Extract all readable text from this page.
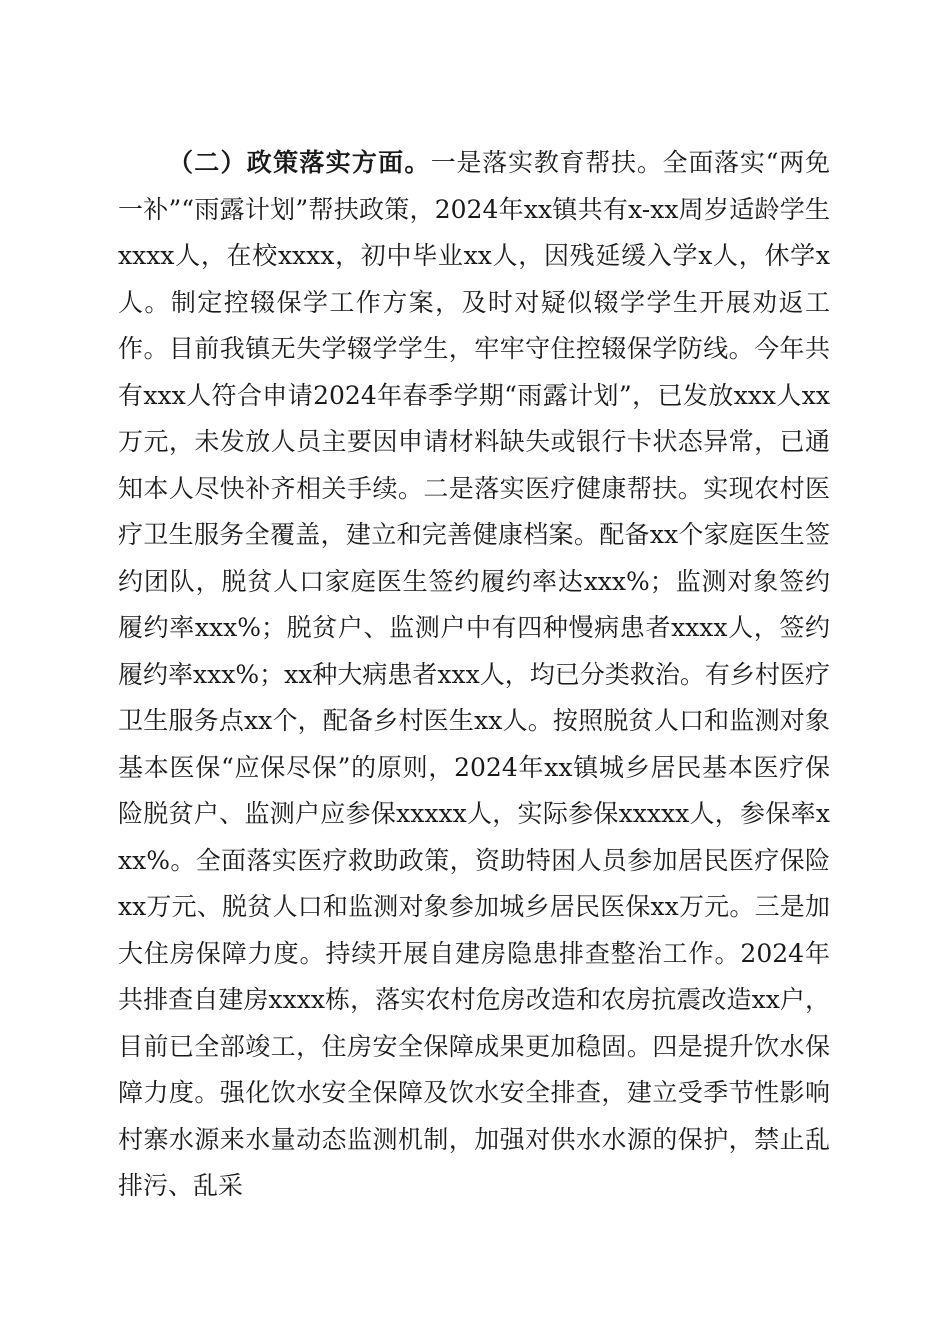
（二）政策落实方面。一是落实教育帮扶。全面落实“两免一补”“雨露计划”帮扶政策，2024年xx镇共有x-xx周岁适龄学生xxxx人，在校xxxx，初中毕业xx人，因残延缓入学x人，休学x人。制定控辍保学工作方案，及时对疑似辍学学生开展劝返工作。目前我镇无失学辍学学生，牢牢守住控辍保学防线。今年共有xxx人符合申请2024年春季学期“雨露计划”，已发放xxx人xx万元，未发放人员主要因申请材料缺失或银行卡状态异常，已通知本人尽快补齐相关手续。二是落实医疗健康帮扶。实现农村医疗卫生服务全覆盖，建立和完善健康档案。配备xx个家庭医生签约团队，脱贫人口家庭医生签约履约率达xxx%；监测对象签约履约率xxx%；脱贫户、监测户中有四种慢病患者xxxx人，签约履约率xxx%；xx种大病患者xxx人，均已分类救治。有乡村医疗卫生服务点xx个，配备乡村医生xx人。按照脱贫人口和监测对象基本医保“应保尽保”的原则，2024年xx镇城乡居民基本医疗保险脱贫户、监测户应参保xxxxx人，实际参保xxxxx人，参保率xxx%。全面落实医疗救助政策，资助特困人员参加居民医疗保险xx万元、脱贫人口和监测对象参加城乡居民医保xx万元。三是加大住房保障力度。持续开展自建房隐患排查整治工作。2024年共排查自建房xxxx栋，落实农村危房改造和农房抗震改造xx户，目前已全部竣工，住房安全保障成果更加稳固。四是提升饮水保障力度。强化饮水安全保障及饮水安全排查，建立受季节性影响村寨水源来水量动态监测机制，加强对供水水源的保护，禁止乱排污、乱采
